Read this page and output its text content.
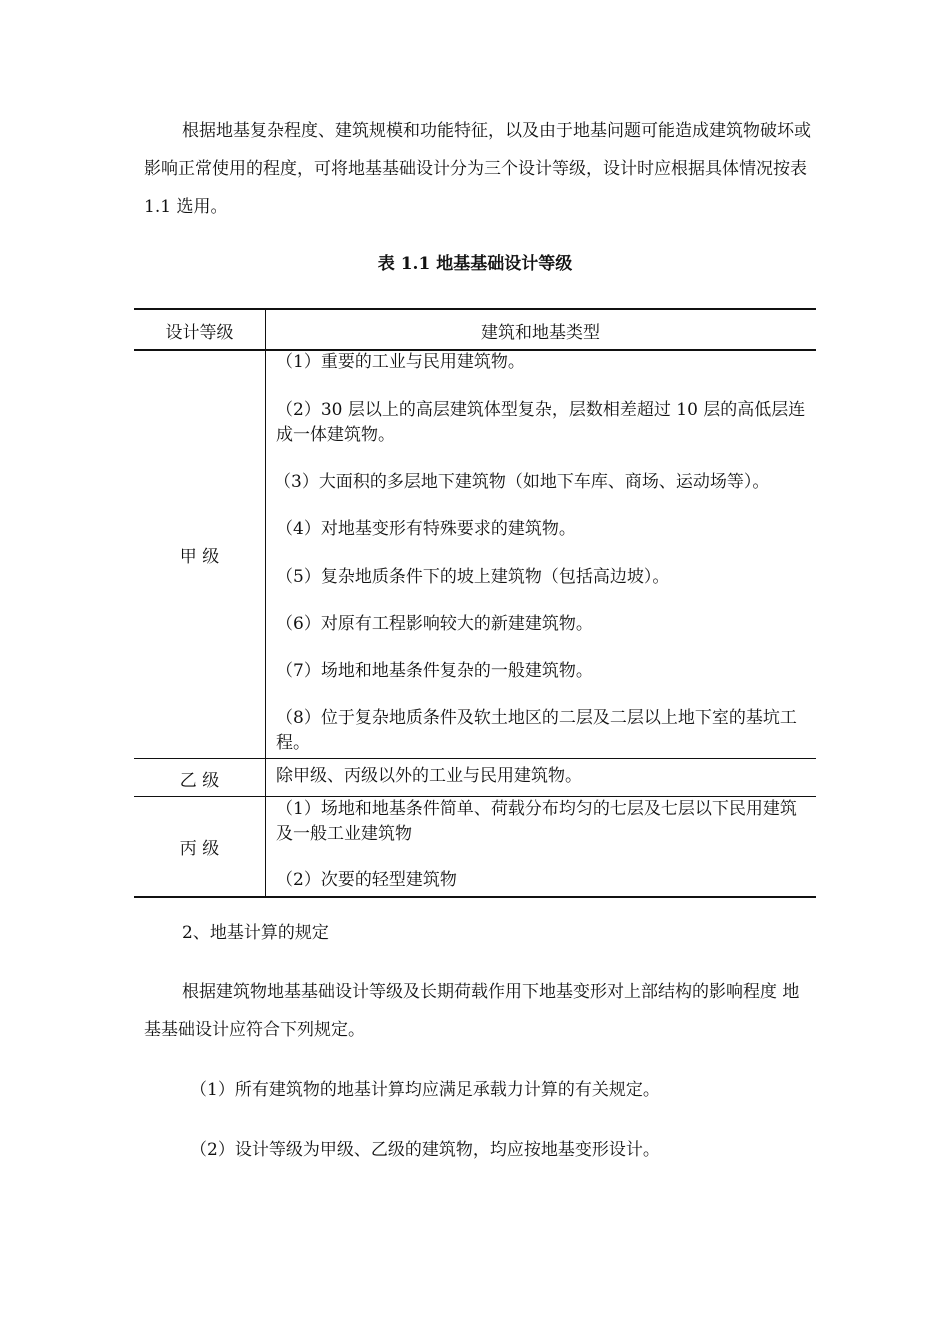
根据地基复杂程度、建筑规模和功能特征，以及由于地基问题可能造成建筑物破坏或影响正常使用的程度，可将地基基础设计分为三个设计等级，设计时应根据具体情况按表 1.1 选用。

表 1.1 地基基础设计等级
设计等级	建筑和地基类型
甲 级
（1）重要的工业与民用建筑物。
（2）30 层以上的高层建筑体型复杂，层数相差超过 10 层的高低层连成一体建筑物。
（3）大面积的多层地下建筑物（如地下车库、商场、运动场等）。
（4）对地基变形有特殊要求的建筑物。
（5）复杂地质条件下的坡上建筑物（包括高边坡）。
（6）对原有工程影响较大的新建建筑物。
（7）场地和地基条件复杂的一般建筑物。
（8）位于复杂地质条件及软土地区的二层及二层以上地下室的基坑工程。
乙 级	除甲级、丙级以外的工业与民用建筑物。
丙 级
（1）场地和地基条件简单、荷载分布均匀的七层及七层以下民用建筑及一般工业建筑物
（2）次要的轻型建筑物
2、地基计算的规定

根据建筑物地基基础设计等级及长期荷载作用下地基变形对上部结构的影响程度 地基基础设计应符合下列规定。

（1）所有建筑物的地基计算均应满足承载力计算的有关规定。
（2）设计等级为甲级、乙级的建筑物，均应按地基变形设计。
